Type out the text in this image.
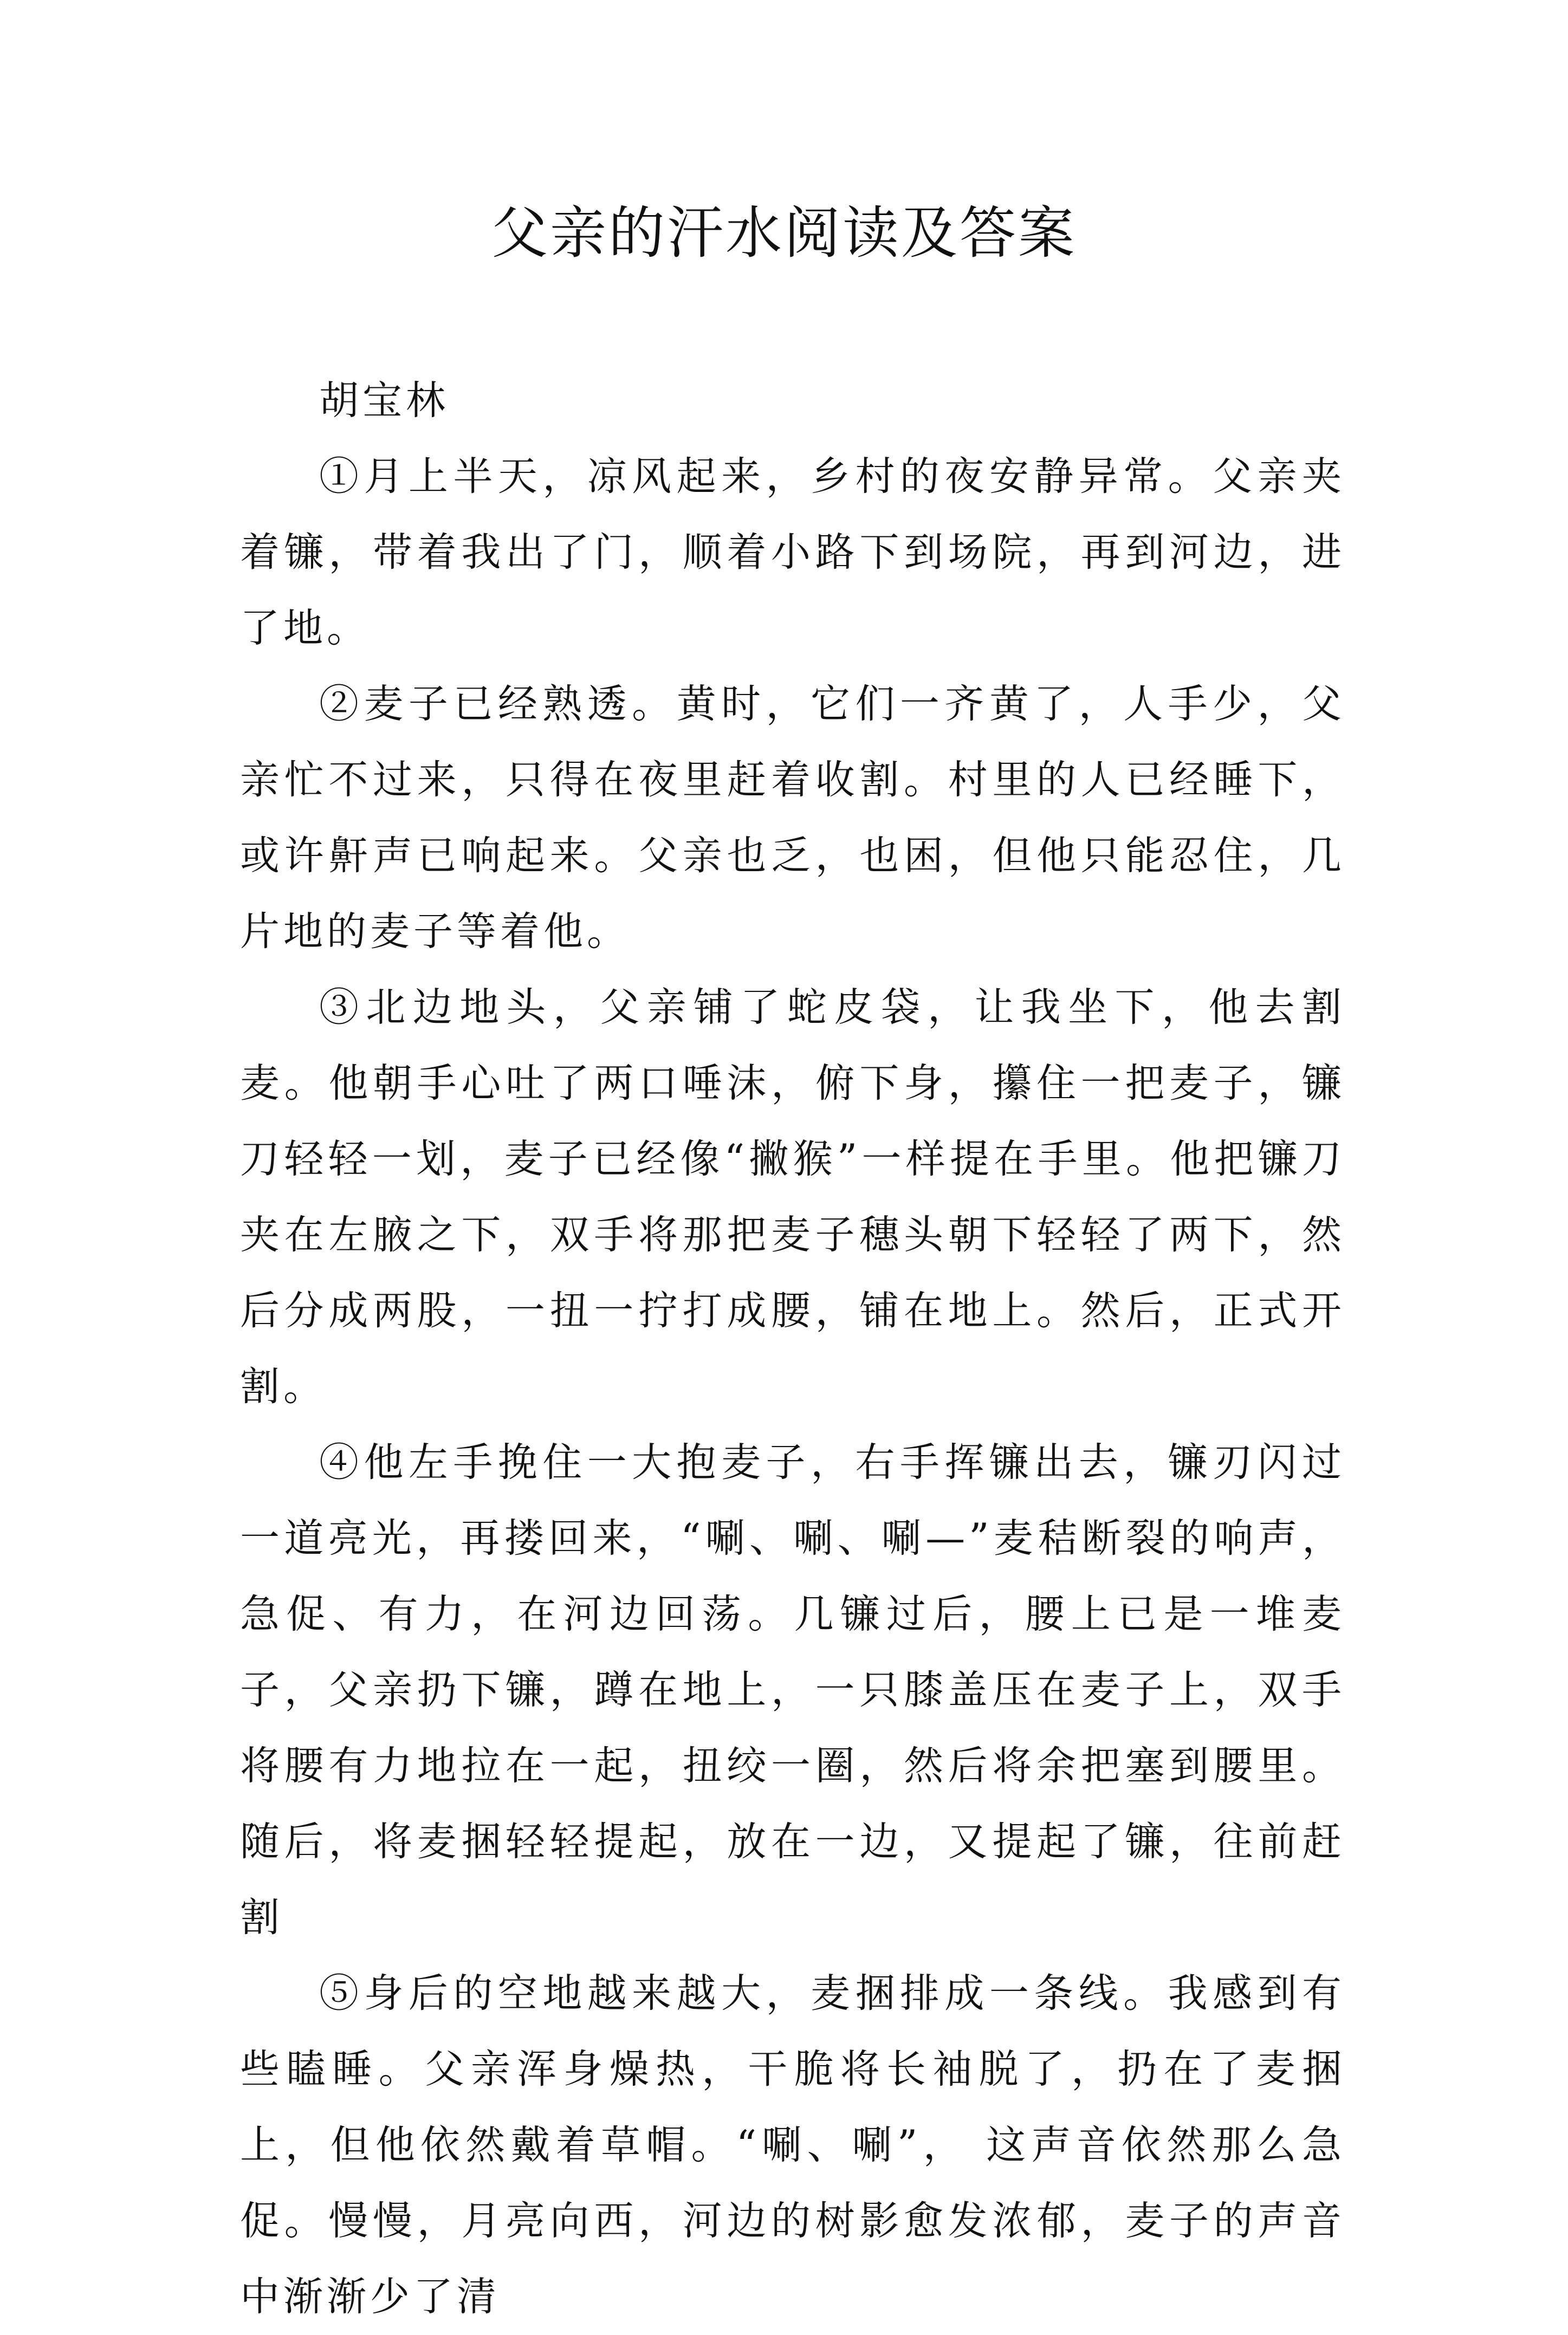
父亲的汗水阅读及答案

胡宝林

①月上半天，凉风起来，乡村的夜安静异常。父亲夹着镰，带着我出了门，顺着小路下到场院，再到河边，进了地。

②麦子已经熟透。黄时，它们一齐黄了，人手少，父亲忙不过来，只得在夜里赶着收割。村里的人已经睡下，或许鼾声已响起来。父亲也乏，也困，但他只能忍住，几片地的麦子等着他。

③北边地头，父亲铺了蛇皮袋，让我坐下，他去割麦。他朝手心吐了两口唾沫，俯下身，攥住一把麦子，镰刀轻轻一划，麦子已经像“撇猴”一样提在手里。他把镰刀夹在左腋之下，双手将那把麦子穗头朝下轻轻了两下，然后分成两股，一扭一拧打成腰，铺在地上。然后，正式开割。

④他左手挽住一大抱麦子，右手挥镰出去，镰刃闪过一道亮光，再搂回来，“唰、唰、唰—”麦秸断裂的响声，急促、有力，在河边回荡。几镰过后，腰上已是一堆麦子，父亲扔下镰，蹲在地上，一只膝盖压在麦子上，双手将腰有力地拉在一起，扭绞一圈，然后将余把塞到腰里。随后，将麦捆轻轻提起，放在一边，又提起了镰，往前赶割

⑤身后的空地越来越大，麦捆排成一条线。我感到有些瞌睡。父亲浑身燥热，干脆将长袖脱了，扔在了麦捆上，但他依然戴着草帽。“唰、唰”， 这声音依然那么急促。慢慢，月亮向西，河边的树影愈发浓郁，麦子的声音中渐渐少了清
